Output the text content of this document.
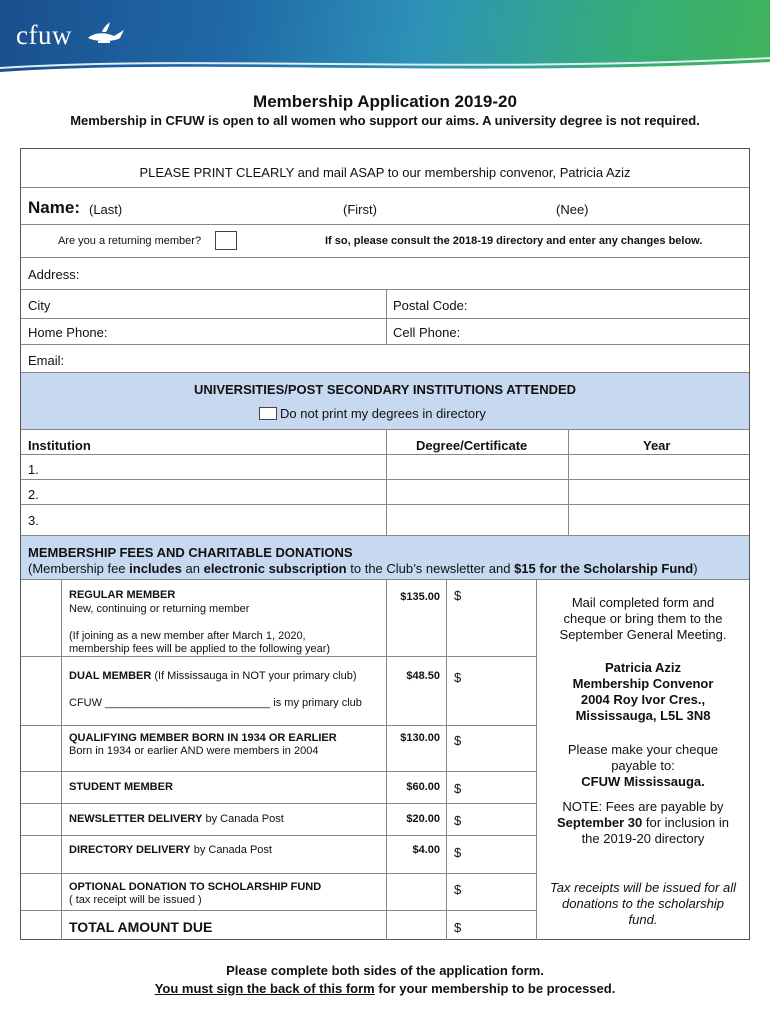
cfuw
Membership Application 2019-20
Membership in CFUW is open to all women who support our aims. A university degree is not required.
PLEASE PRINT CLEARLY and mail ASAP to our membership convenor, Patricia Aziz
Name: (Last)	(First)	(Nee)
Are you a returning member?	If so, please consult the 2018-19 directory and enter any changes below.
Address:
City	Postal Code:
Home Phone:	Cell Phone:
Email:
UNIVERSITIES/POST SECONDARY INSTITUTIONS ATTENDED
Do not print my degrees in directory
Institution	Degree/Certificate	Year
1.
2.
3.
MEMBERSHIP FEES AND CHARITABLE DONATIONS
(Membership fee includes an electronic subscription to the Club’s newsletter and $15 for the Scholarship Fund)
REGULAR MEMBER
New, continuing or returning member
(If joining as a new member after March 1, 2020,
membership fees will be applied to the following year)
$135.00 $
DUAL MEMBER (If Mississauga in NOT your primary club)
CFUW ___________________________ is my primary club
$48.50 $
QUALIFYING MEMBER BORN IN 1934 OR EARLIER
Born in 1934 or earlier AND were members in 2004
$130.00 $
STUDENT MEMBER	$60.00 $
NEWSLETTER DELIVERY by Canada Post	$20.00 $
DIRECTORY DELIVERY by Canada Post	$4.00 $
OPTIONAL DONATION TO SCHOLARSHIP FUND
( tax receipt will be issued )
$
TOTAL AMOUNT DUE	$
Mail completed form and
cheque or bring them to the
September General Meeting.
Patricia Aziz
Membership Convenor
2004 Roy Ivor Cres.,
Mississauga, L5L 3N8
Please make your cheque
payable to:
CFUW Mississauga.
NOTE: Fees are payable by
September 30 for inclusion in
the 2019-20 directory
Tax receipts will be issued for all
donations to the scholarship
fund.
Please complete both sides of the application form.
You must sign the back of this form for your membership to be processed.
